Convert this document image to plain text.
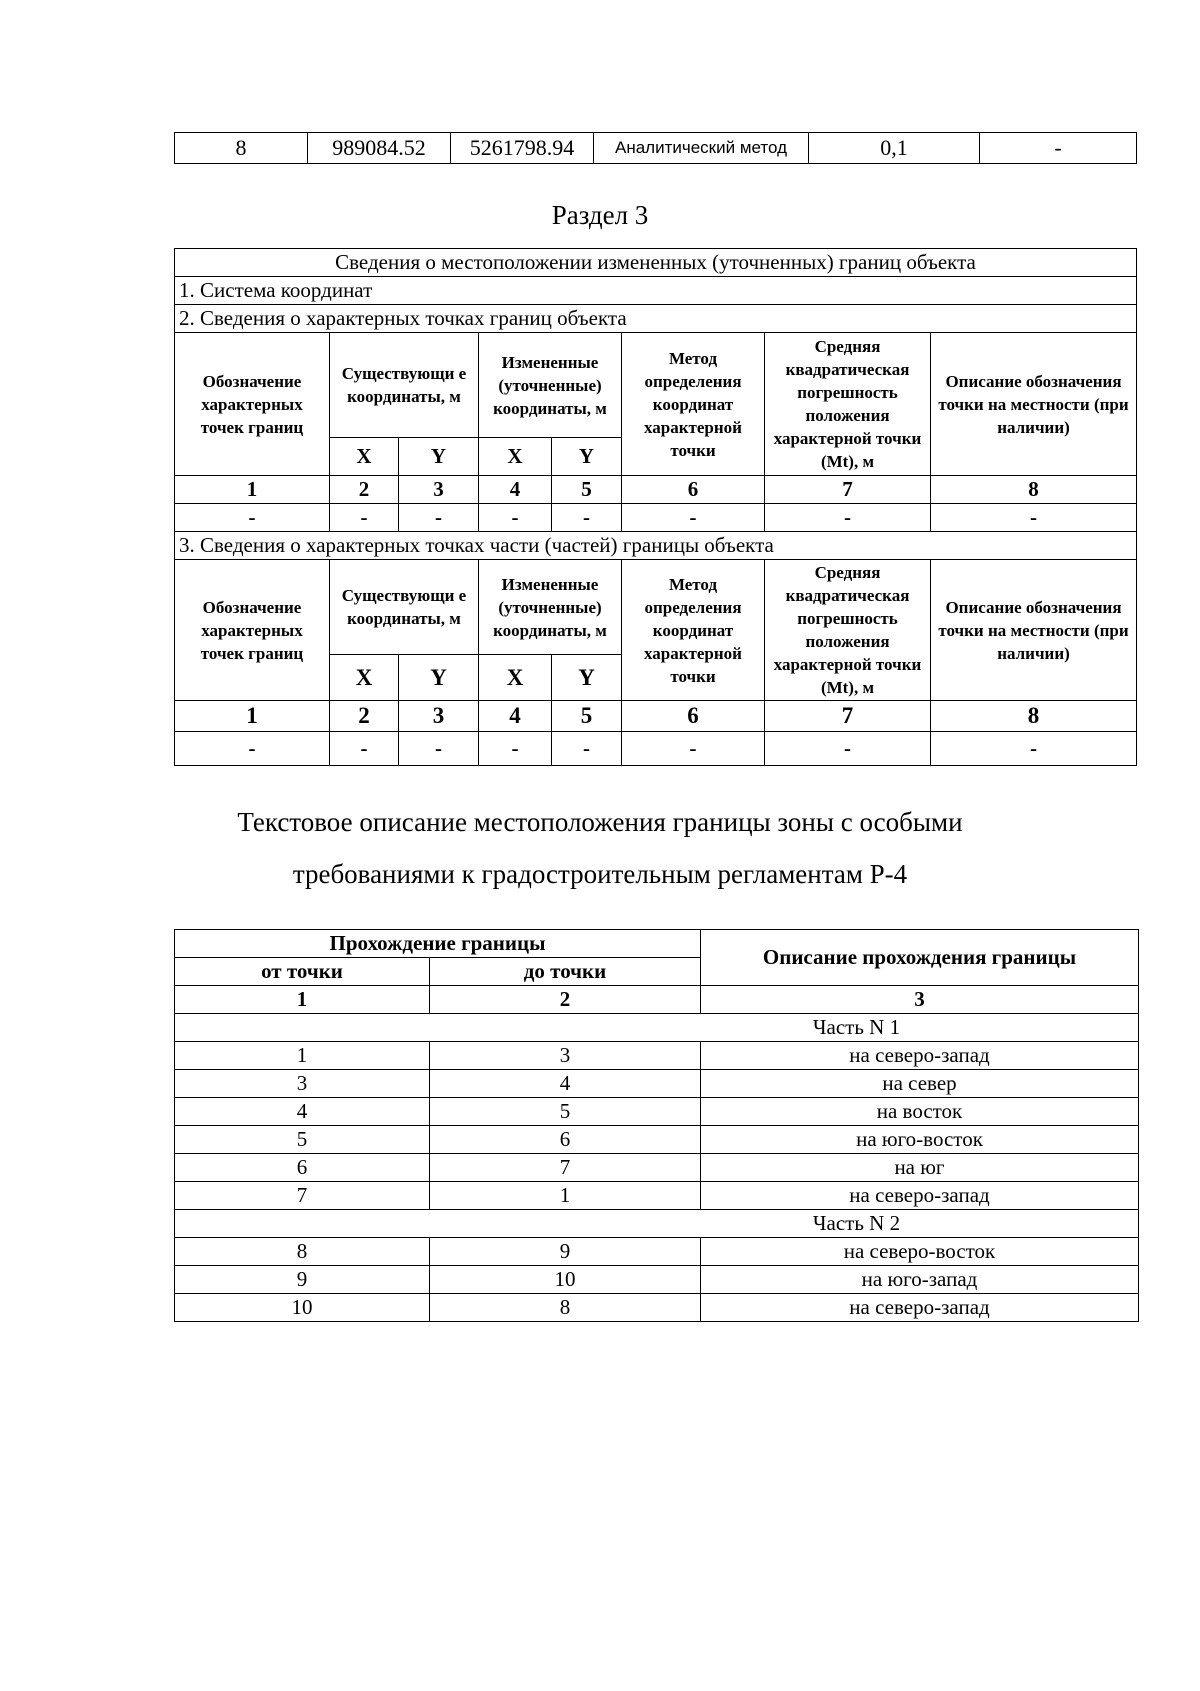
8	989084.52	5261798.94	Аналитический метод	0,1	-
Раздел 3
Сведения о местоположении измененных (уточненных) границ объекта							
1. Система координат							
2. Сведения о характерных точках границ объекта							
Обозначение характерных точек границ	Существующи е координаты, м		Измененные (уточненные) координаты, м		Метод определения координат характерной точки	Средняя квадратическая погрешность положения характерной точки (Mt), м	Описание обозначения точки на местности (при наличии)
	X	Y	X	Y			
1	2	3	4	5	6	7	8
-	-	-	-	-	-	-	-
3. Сведения о характерных точках части (частей) границы объекта							
Обозначение характерных точек границ	Существующи е координаты, м		Измененные (уточненные) координаты, м		Метод определения координат характерной точки	Средняя квадратическая погрешность положения характерной точки (Mt), м	Описание обозначения точки на местности (при наличии)
	X	Y	X	Y			
1	2	3	4	5	6	7	8
-	-	-	-	-	-	-	-
Текстовое описание местоположения границы зоны с особыми
требованиями к градостроительным регламентам Р-4
Прохождение границы		Описание прохождения границы
от точки	до точки	
1	2	3
Часть N 1		
1	3	на северо-запад
3	4	на север
4	5	на восток
5	6	на юго-восток
6	7	на юг
7	1	на северо-запад
Часть N 2		
8	9	на северо-восток
9	10	на юго-запад
10	8	на северо-запад
